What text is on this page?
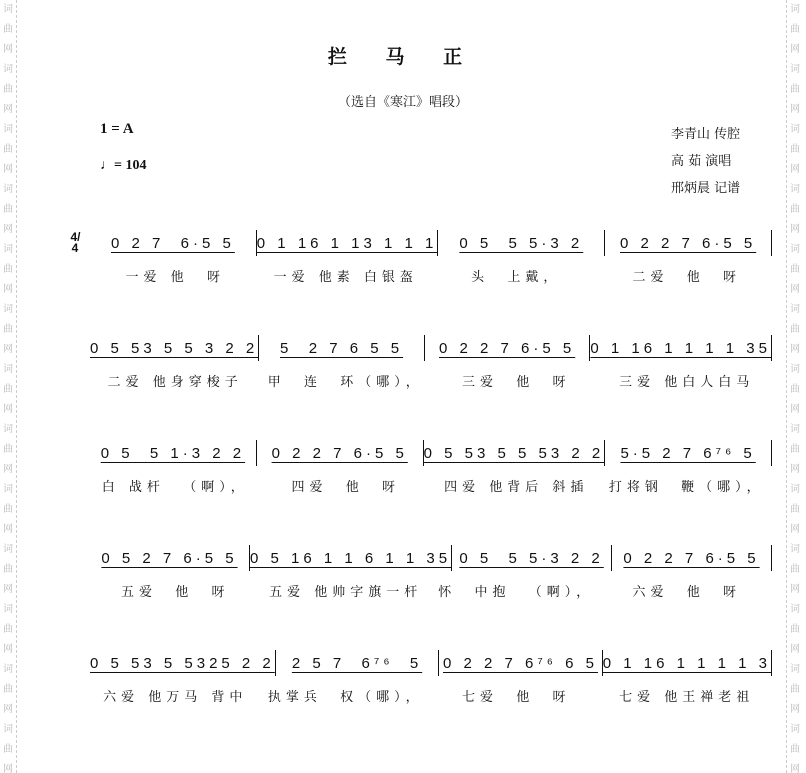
词
曲
网
词
曲
网
词
曲
网
词
曲
网
词
曲
网
词
曲
网
词
曲
网
词
曲
网
词
曲
网
词
曲
网
词
曲
网
词
曲
网
词
曲
网
词
曲
网
词
曲
网
词
曲
网
词
曲
网
词
曲
网
词
曲
网
词
曲
网
词
曲
网
词
曲
网
词
曲
网
词
曲
网
词
曲
网
词
曲
网
拦 马 正
（选自《寒江》唱段）
1 = A
♩= 104
李青山 传腔
高 茹 演唱
邢炳晨 记谱
4/4	0 2 7  6·5 5	0 1 16 1 13 1 1 1	0 5  5 5·3 2	0 2 2 7 6·5 5
一爱 他  呀	一爱 他素 白银盔	头  上戴，	二爱  他  呀
0 5 53 5 5 3 2 2	5  2 7 6 5 5	0 2 2 7 6·5 5	0 1 16 1 1 1 1 35
二爱 他身穿梭子	甲  连  环（哪），	三爱  他  呀	三爱 他白人白马
0 5  5 1·3 2 2	0 2 2 7 6·5 5	0 5 53 5 5 53 2 2	5·5 2 7 6⁷⁶ 5
白 战杆  （啊），	四爱  他  呀	四爱 他背后 斜插	打将钢  鞭（哪），
0 5 2 7 6·5 5 0 5 16 1 1 6 1 1 35 0 5  5 5·3 2 2	0 2 2 7 6·5 5
五爱  他  呀	五爱 他帅字旗一杆	怀  中抱  （啊），	六爱  他  呀
0 5 53 5 5325 2 2	2 5 7  6⁷⁶  5	0 2 2 7 6⁷⁶ 6 5 0 1 16 1 1 1 1 3
六爱 他万马 背中	执掌兵  权（哪），	七爱  他  呀	七爱 他王禅老祖
